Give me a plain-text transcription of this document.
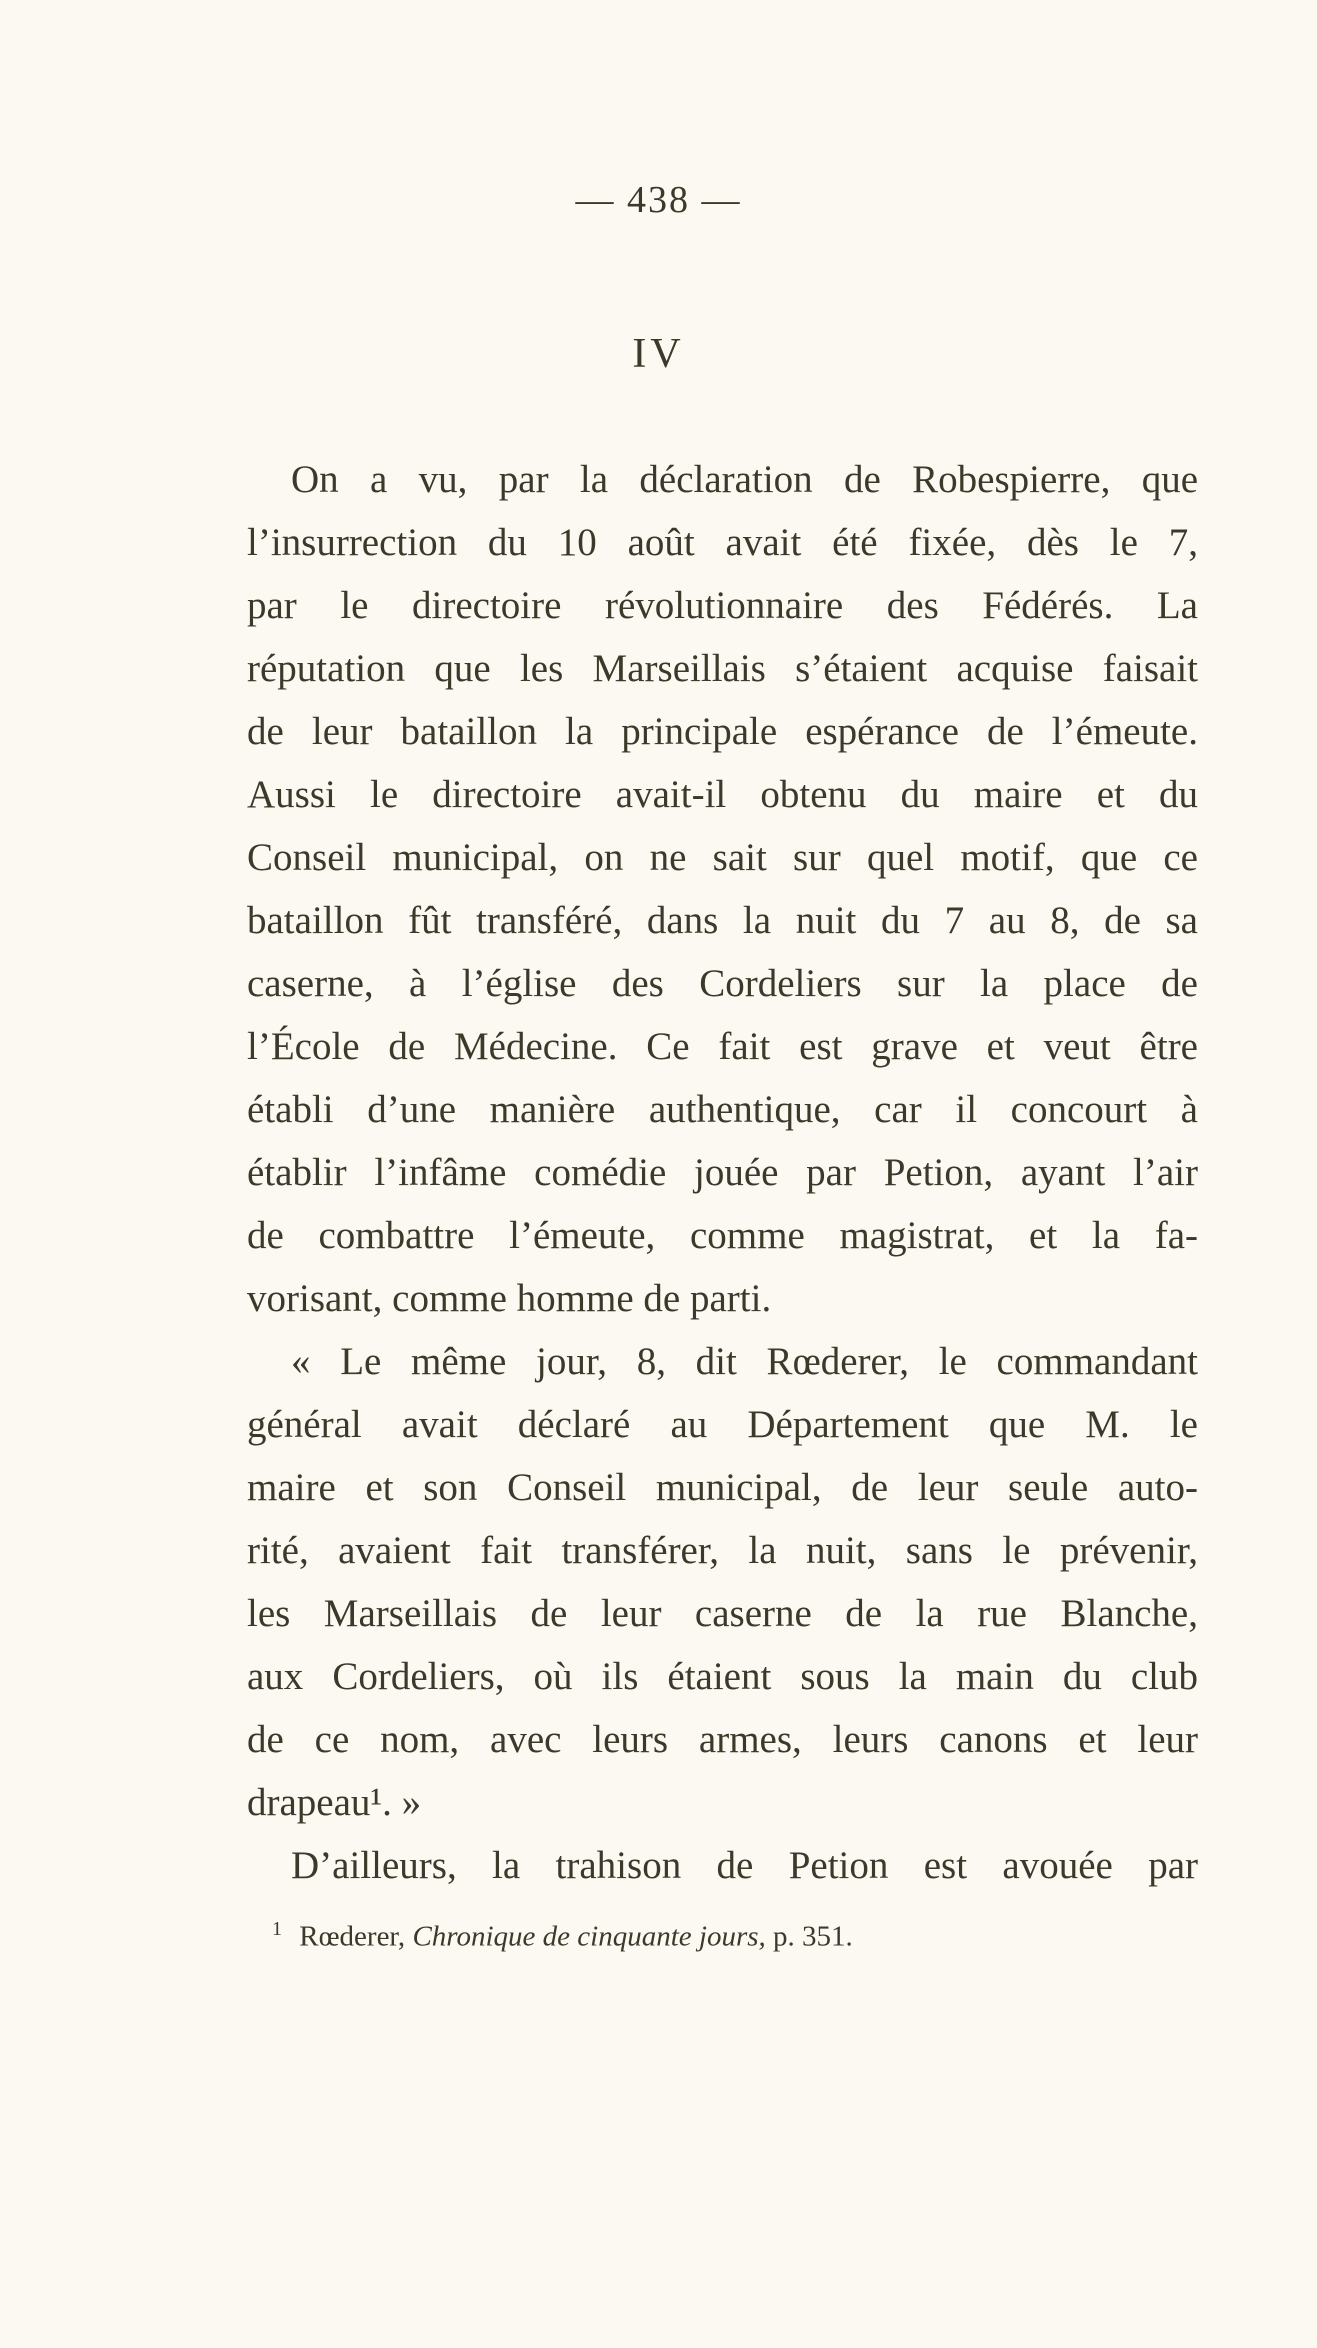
— 438 —
IV
On a vu, par la déclaration de Robespierre, que
l’insurrection du 10 août avait été fixée, dès le 7,
par le directoire révolutionnaire des Fédérés. La
réputation que les Marseillais s’étaient acquise faisait
de leur bataillon la principale espérance de l’émeute.
Aussi le directoire avait-il obtenu du maire et du
Conseil municipal, on ne sait sur quel motif, que ce
bataillon fût transféré, dans la nuit du 7 au 8, de sa
caserne, à l’église des Cordeliers sur la place de
l’École de Médecine. Ce fait est grave et veut être
établi d’une manière authentique, car il concourt à
établir l’infâme comédie jouée par Petion, ayant l’air
de combattre l’émeute, comme magistrat, et la fa-
vorisant, comme homme de parti.
« Le même jour, 8, dit Rœderer, le commandant
général avait déclaré au Département que M. le
maire et son Conseil municipal, de leur seule auto-
rité, avaient fait transférer, la nuit, sans le prévenir,
les Marseillais de leur caserne de la rue Blanche,
aux Cordeliers, où ils étaient sous la main du club
de ce nom, avec leurs armes, leurs canons et leur
drapeau¹. »
D’ailleurs, la trahison de Petion est avouée par
$^1$ Rœderer, Chronique de cinquante jours, p. 351.
